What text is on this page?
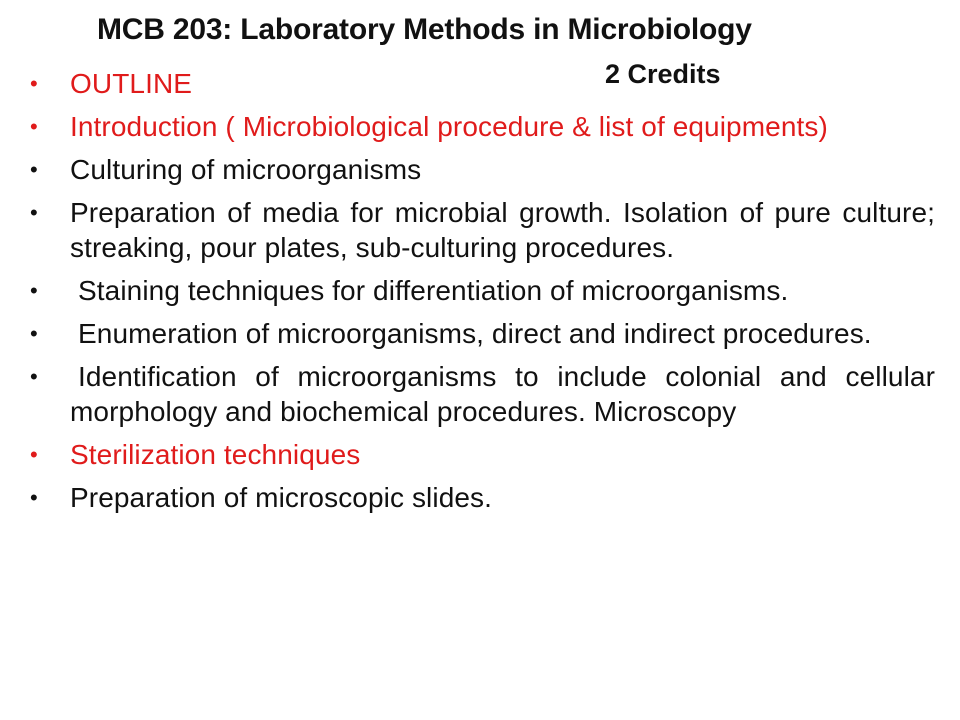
MCB 203: Laboratory Methods in Microbiology
2 Credits
•	OUTLINE
•	Introduction ( Microbiological procedure & list of equipments)
•	Culturing of microorganisms
•	Preparation of media for microbial growth. Isolation of pure culture; streaking, pour plates, sub-culturing procedures.
•	Staining techniques for differentiation of microorganisms.
•	Enumeration of microorganisms, direct and indirect procedures.
•	Identification of microorganisms to include colonial and cellular morphology and biochemical procedures. Microscopy
•	Sterilization techniques
•	Preparation of microscopic slides.
